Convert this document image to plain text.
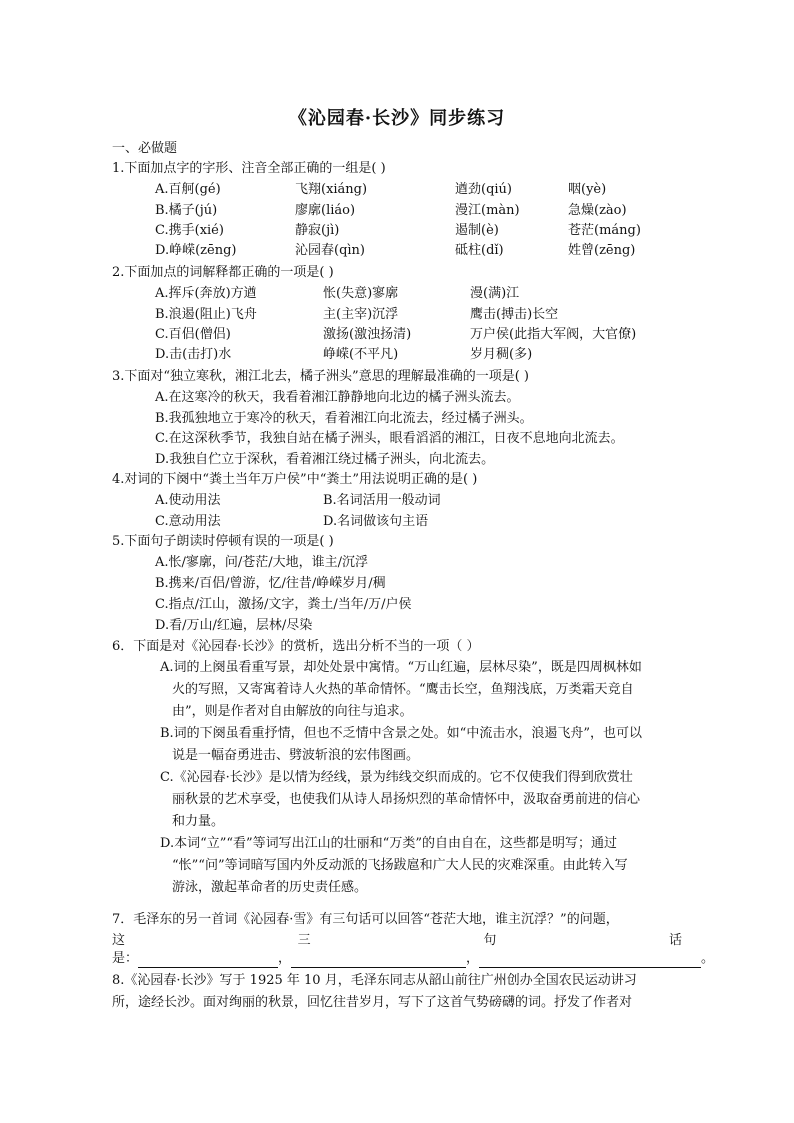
《沁园春·长沙》同步练习
一、必做题
1.下面加点字的字形、注音全部正确的一组是( )
A.百舸(gé)	飞翔(xiáng)	遒劲(qiú)	咽(yè)
B.橘子(jú)	廖廓(liáo)	漫江(màn)	急燥(zào)
C.携手(xié)	静寂(jì)	遏制(è)	苍茫(máng)
D.峥嵘(zēng)	沁园春(qìn)	砥柱(dǐ)	姓曾(zēng)
2.下面加点的词解释都正确的一项是( )
A.挥斥(奔放)方遒	怅(失意)寥廓	漫(满)江
B.浪遏(阻止)飞舟	主(主宰)沉浮	鹰击(搏击)长空
C.百侣(僧侣)	激扬(激浊扬清)	万户侯(此指大军阀，大官僚)
D.击(击打)水	峥嵘(不平凡)	岁月稠(多)
3.下面对“独立寒秋，湘江北去，橘子洲头”意思的理解最准确的一项是( )
A.在这寒冷的秋天，我看着湘江静静地向北边的橘子洲头流去。
B.我孤独地立于寒冷的秋天，看着湘江向北流去，经过橘子洲头。
C.在这深秋季节，我独自站在橘子洲头，眼看滔滔的湘江，日夜不息地向北流去。
D.我独自伫立于深秋，看着湘江绕过橘子洲头，向北流去。
4.对词的下阕中“粪土当年万户侯”中“粪土”用法说明正确的是( )
A.使动用法	B.名词活用一般动词
C.意动用法	D.名词做该句主语
5.下面句子朗读时停顿有误的一项是( )
A.怅/寥廓，问/苍茫/大地，谁主/沉浮
B.携来/百侣/曾游，忆/往昔/峥嵘岁月/稠
C.指点/江山，激扬/文字，粪土/当年/万/户侯
D.看/万山/红遍，层林/尽染
6．下面是对《沁园春·长沙》的赏析，选出分析不当的一项（ ）
A.词的上阕虽看重写景，却处处景中寓情。“万山红遍，层林尽染”，既是四周枫林如
火的写照，又寄寓着诗人火热的革命情怀。“鹰击长空，鱼翔浅底，万类霜天竞自
由”，则是作者对自由解放的向往与追求。
B.词的下阕虽看重抒情，但也不乏情中含景之处。如“中流击水，浪遏飞舟”，也可以
说是一幅奋勇进击、劈波斩浪的宏伟图画。
C.《沁园春·长沙》是以情为经线，景为纬线交织而成的。它不仅使我们得到欣赏壮
丽秋景的艺术享受，也使我们从诗人昂扬炽烈的革命情怀中，汲取奋勇前进的信心
和力量。
D.本词“立”“看”等词写出江山的壮丽和“万类”的自由自在，这些都是明写；通过
“怅”“问”等词暗写国内外反动派的飞扬跋扈和广大人民的灾难深重。由此转入写
游泳，激起革命者的历史责任感。
7．毛泽东的另一首词《沁园春·雪》有三句话可以回答“苍茫大地，谁主沉浮？”的问题，
这	三	句	话
是：	，	，	。
8.《沁园春·长沙》写于 1925 年 10 月，毛泽东同志从韶山前往广州创办全国农民运动讲习
所，途经长沙。面对绚丽的秋景，回忆往昔岁月，写下了这首气势磅礴的词。抒发了作者对
